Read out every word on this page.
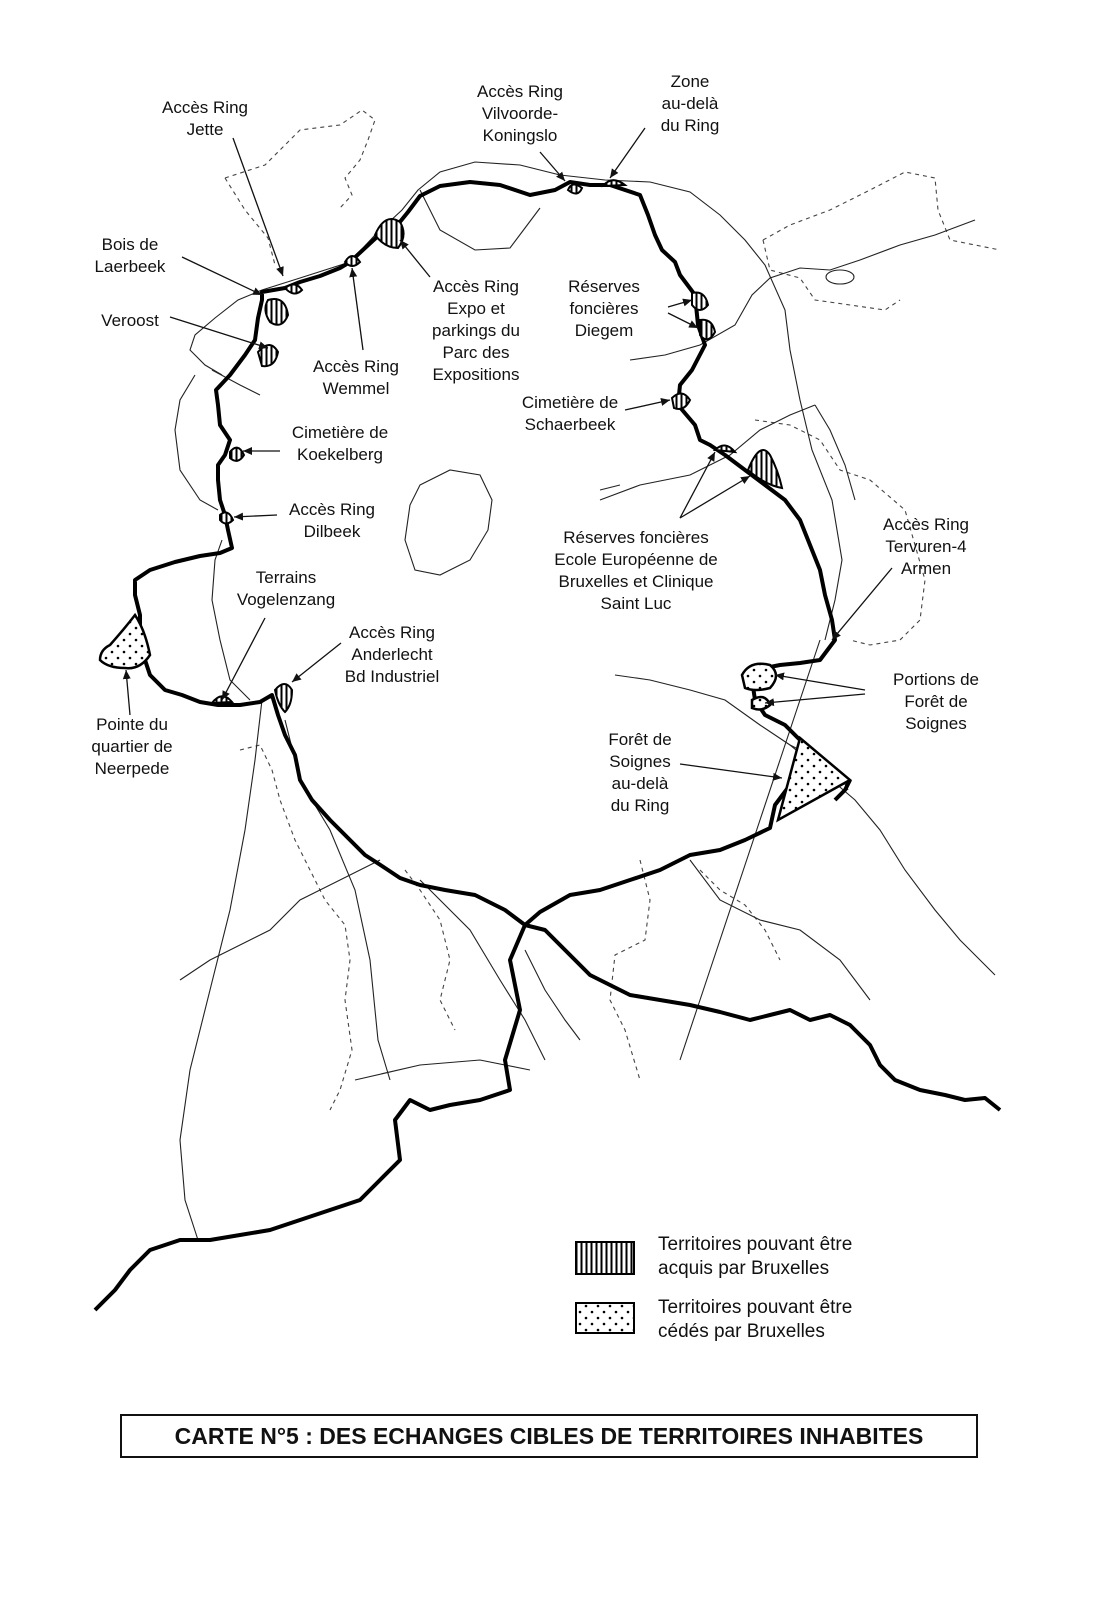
Accès Ring Jette
Accès Ring Vilvoorde-Koningslo
Zone au-delà du Ring
Bois de Laerbeek
Veroost
Accès Ring Expo et parkings du Parc des Expositions
Réserves foncières Diegem
Accès Ring Wemmel
Cimetière de Schaerbeek
Cimetière de Koekelberg
Accès Ring Dilbeek	Réserves foncières Ecole Européenne de Bruxelles et Clinique Saint Luc
Accès Ring Tervuren-4 Armen
Terrains Vogelenzang
Accès Ring Anderlecht Bd Industriel	Portions de Forêt de Soignes
Pointe du quartier de Neerpede
Forêt de Soignes au-delà du Ring
Territoires pouvant être
acquis par Bruxelles
Territoires pouvant être
cédés par Bruxelles
CARTE N°5 : DES ECHANGES CIBLES DE TERRITOIRES INHABITES
